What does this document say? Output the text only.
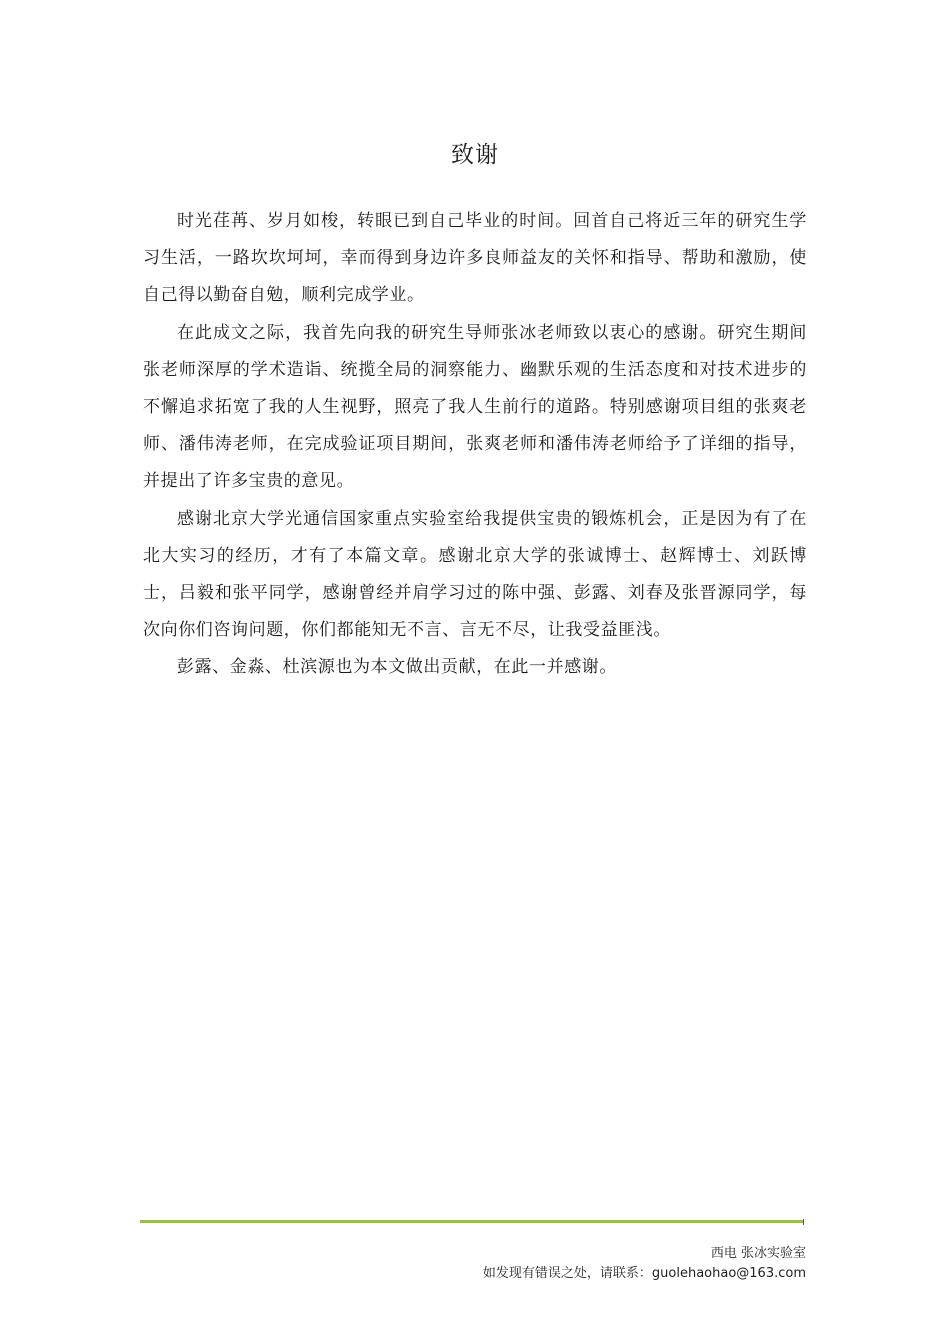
致谢

时光荏苒、岁月如梭，转眼已到自己毕业的时间。回首自己将近三年的研究生学习生活，一路坎坎坷坷，幸而得到身边许多良师益友的关怀和指导、帮助和激励，使自己得以勤奋自勉，顺利完成学业。

在此成文之际，我首先向我的研究生导师张冰老师致以衷心的感谢。研究生期间张老师深厚的学术造诣、统揽全局的洞察能力、幽默乐观的生活态度和对技术进步的不懈追求拓宽了我的人生视野，照亮了我人生前行的道路。特别感谢项目组的张爽老师、潘伟涛老师，在完成验证项目期间，张爽老师和潘伟涛老师给予了详细的指导，并提出了许多宝贵的意见。

感谢北京大学光通信国家重点实验室给我提供宝贵的锻炼机会，正是因为有了在北大实习的经历，才有了本篇文章。感谢北京大学的张诚博士、赵辉博士、刘跃博士，吕毅和张平同学，感谢曾经并肩学习过的陈中强、彭露、刘春及张晋源同学，每次向你们咨询问题，你们都能知无不言、言无不尽，让我受益匪浅。

彭露、金淼、杜滨源也为本文做出贡献，在此一并感谢。

西电 张冰实验室
如发现有错误之处，请联系：guolehaohao@163.com
